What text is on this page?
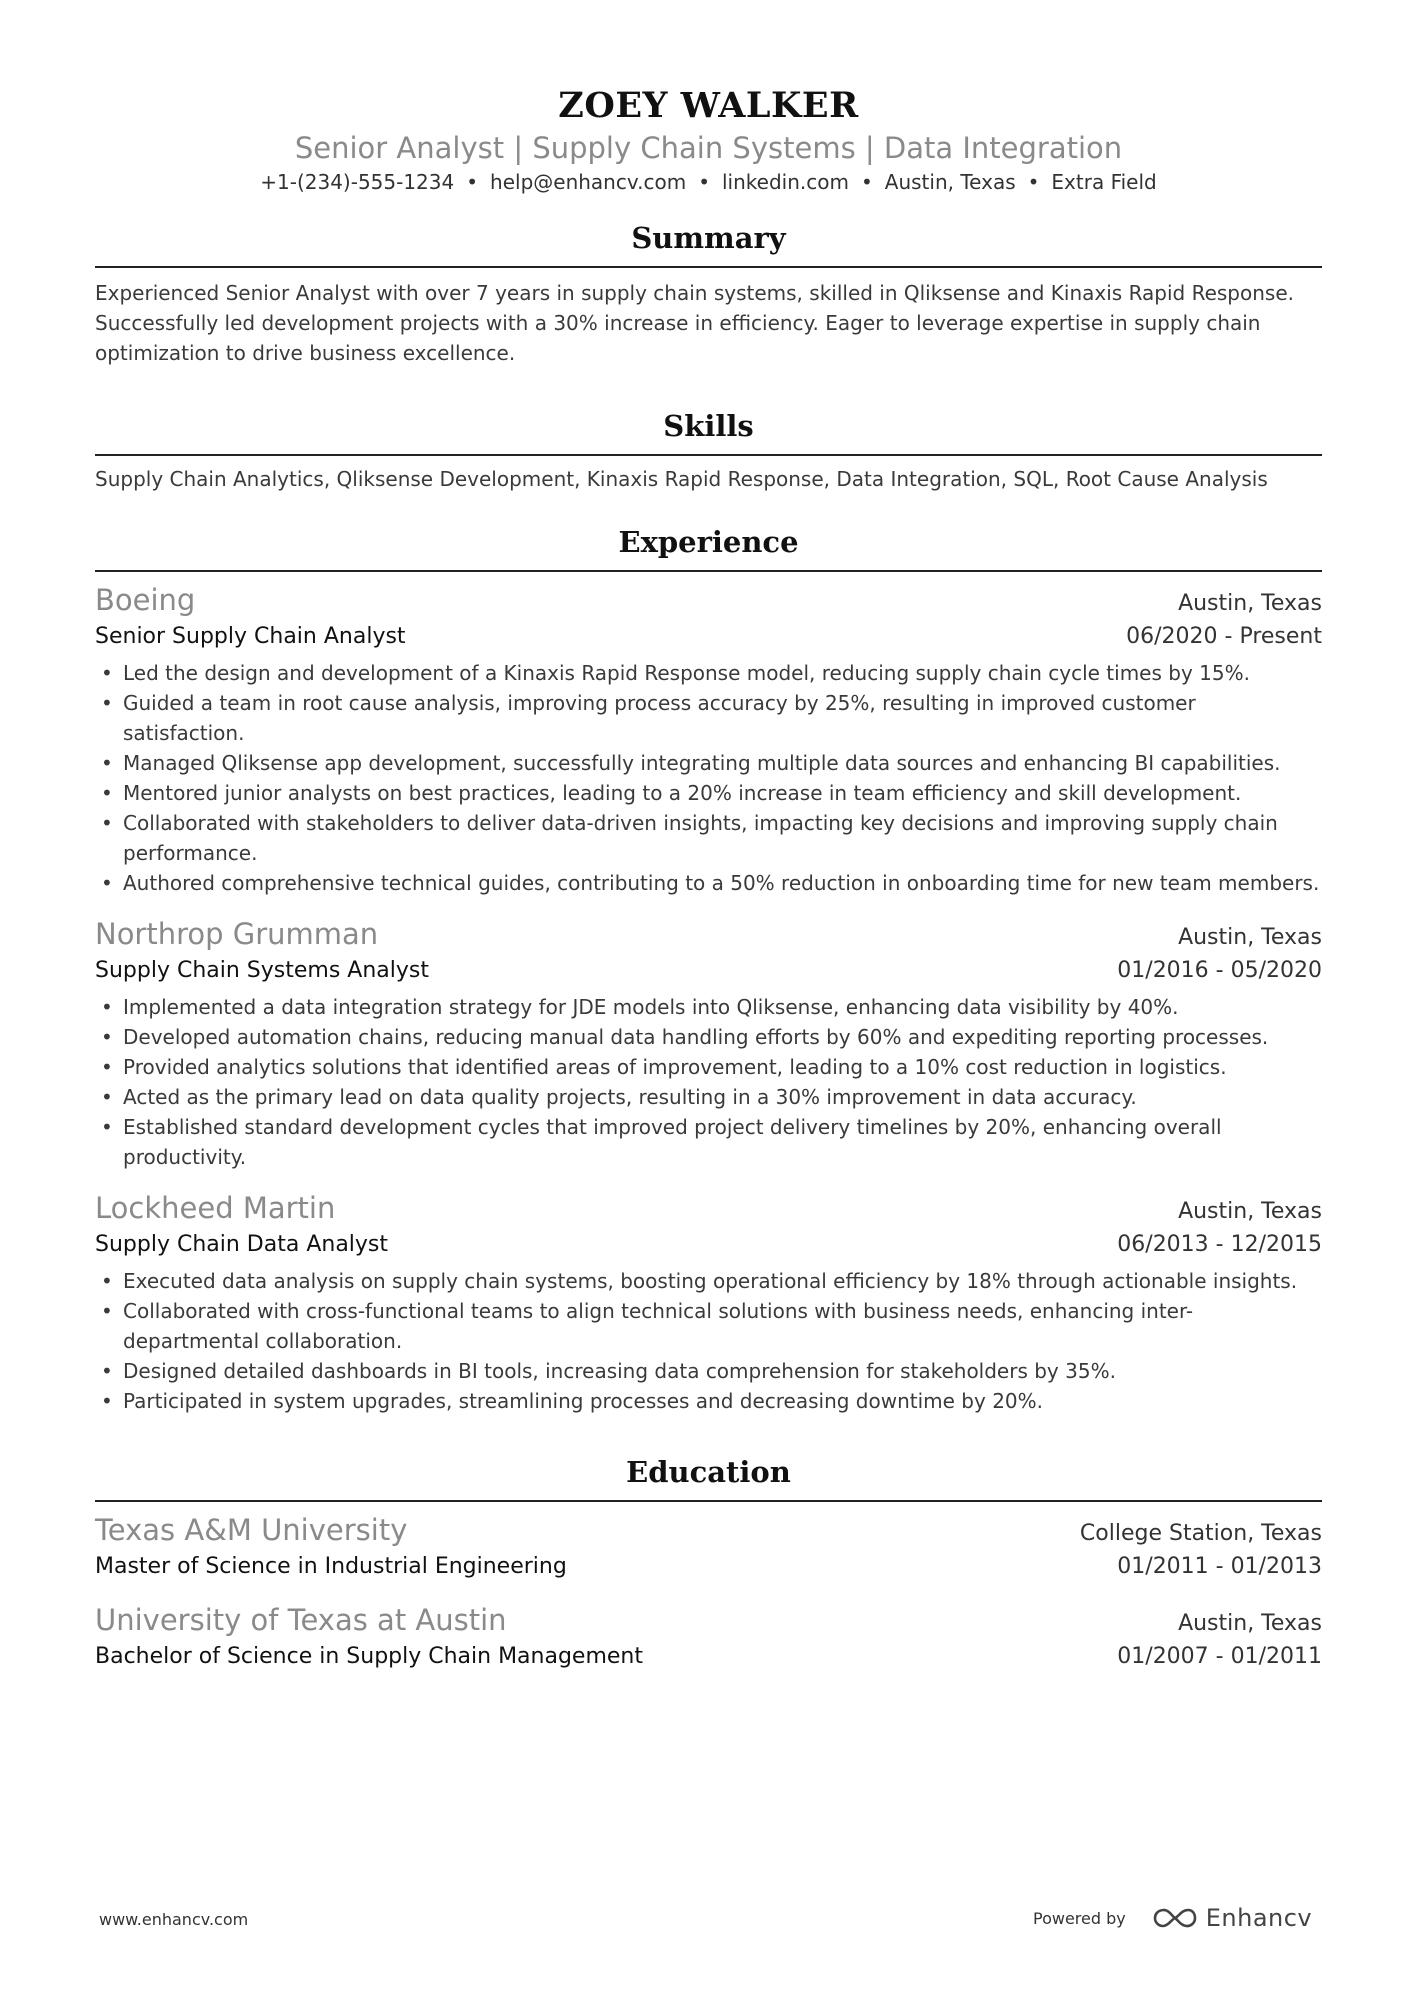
ZOEY WALKER
Senior Analyst | Supply Chain Systems | Data Integration
+1-(234)-555-1234 • help@enhancv.com • linkedin.com • Austin, Texas • Extra Field
Summary
Experienced Senior Analyst with over 7 years in supply chain systems, skilled in Qliksense and Kinaxis Rapid Response. Successfully led development projects with a 30% increase in efficiency. Eager to leverage expertise in supply chain optimization to drive business excellence.
Skills
Supply Chain Analytics, Qliksense Development, Kinaxis Rapid Response, Data Integration, SQL, Root Cause Analysis
Experience
Boeing	Austin, Texas
Senior Supply Chain Analyst	06/2020 - Present
• Led the design and development of a Kinaxis Rapid Response model, reducing supply chain cycle times by 15%.
• Guided a team in root cause analysis, improving process accuracy by 25%, resulting in improved customer satisfaction.
• Managed Qliksense app development, successfully integrating multiple data sources and enhancing BI capabilities.
• Mentored junior analysts on best practices, leading to a 20% increase in team efficiency and skill development.
• Collaborated with stakeholders to deliver data-driven insights, impacting key decisions and improving supply chain performance.
• Authored comprehensive technical guides, contributing to a 50% reduction in onboarding time for new team members.
Northrop Grumman	Austin, Texas
Supply Chain Systems Analyst	01/2016 - 05/2020
• Implemented a data integration strategy for JDE models into Qliksense, enhancing data visibility by 40%.
• Developed automation chains, reducing manual data handling efforts by 60% and expediting reporting processes.
• Provided analytics solutions that identified areas of improvement, leading to a 10% cost reduction in logistics.
• Acted as the primary lead on data quality projects, resulting in a 30% improvement in data accuracy.
• Established standard development cycles that improved project delivery timelines by 20%, enhancing overall productivity.
Lockheed Martin	Austin, Texas
Supply Chain Data Analyst	06/2013 - 12/2015
• Executed data analysis on supply chain systems, boosting operational efficiency by 18% through actionable insights.
• Collaborated with cross-functional teams to align technical solutions with business needs, enhancing inter-departmental collaboration.
• Designed detailed dashboards in BI tools, increasing data comprehension for stakeholders by 35%.
• Participated in system upgrades, streamlining processes and decreasing downtime by 20%.
Education
Texas A&M University	College Station, Texas
Master of Science in Industrial Engineering	01/2011 - 01/2013
University of Texas at Austin	Austin, Texas
Bachelor of Science in Supply Chain Management	01/2007 - 01/2011
www.enhancv.com	Powered by	Enhancv
